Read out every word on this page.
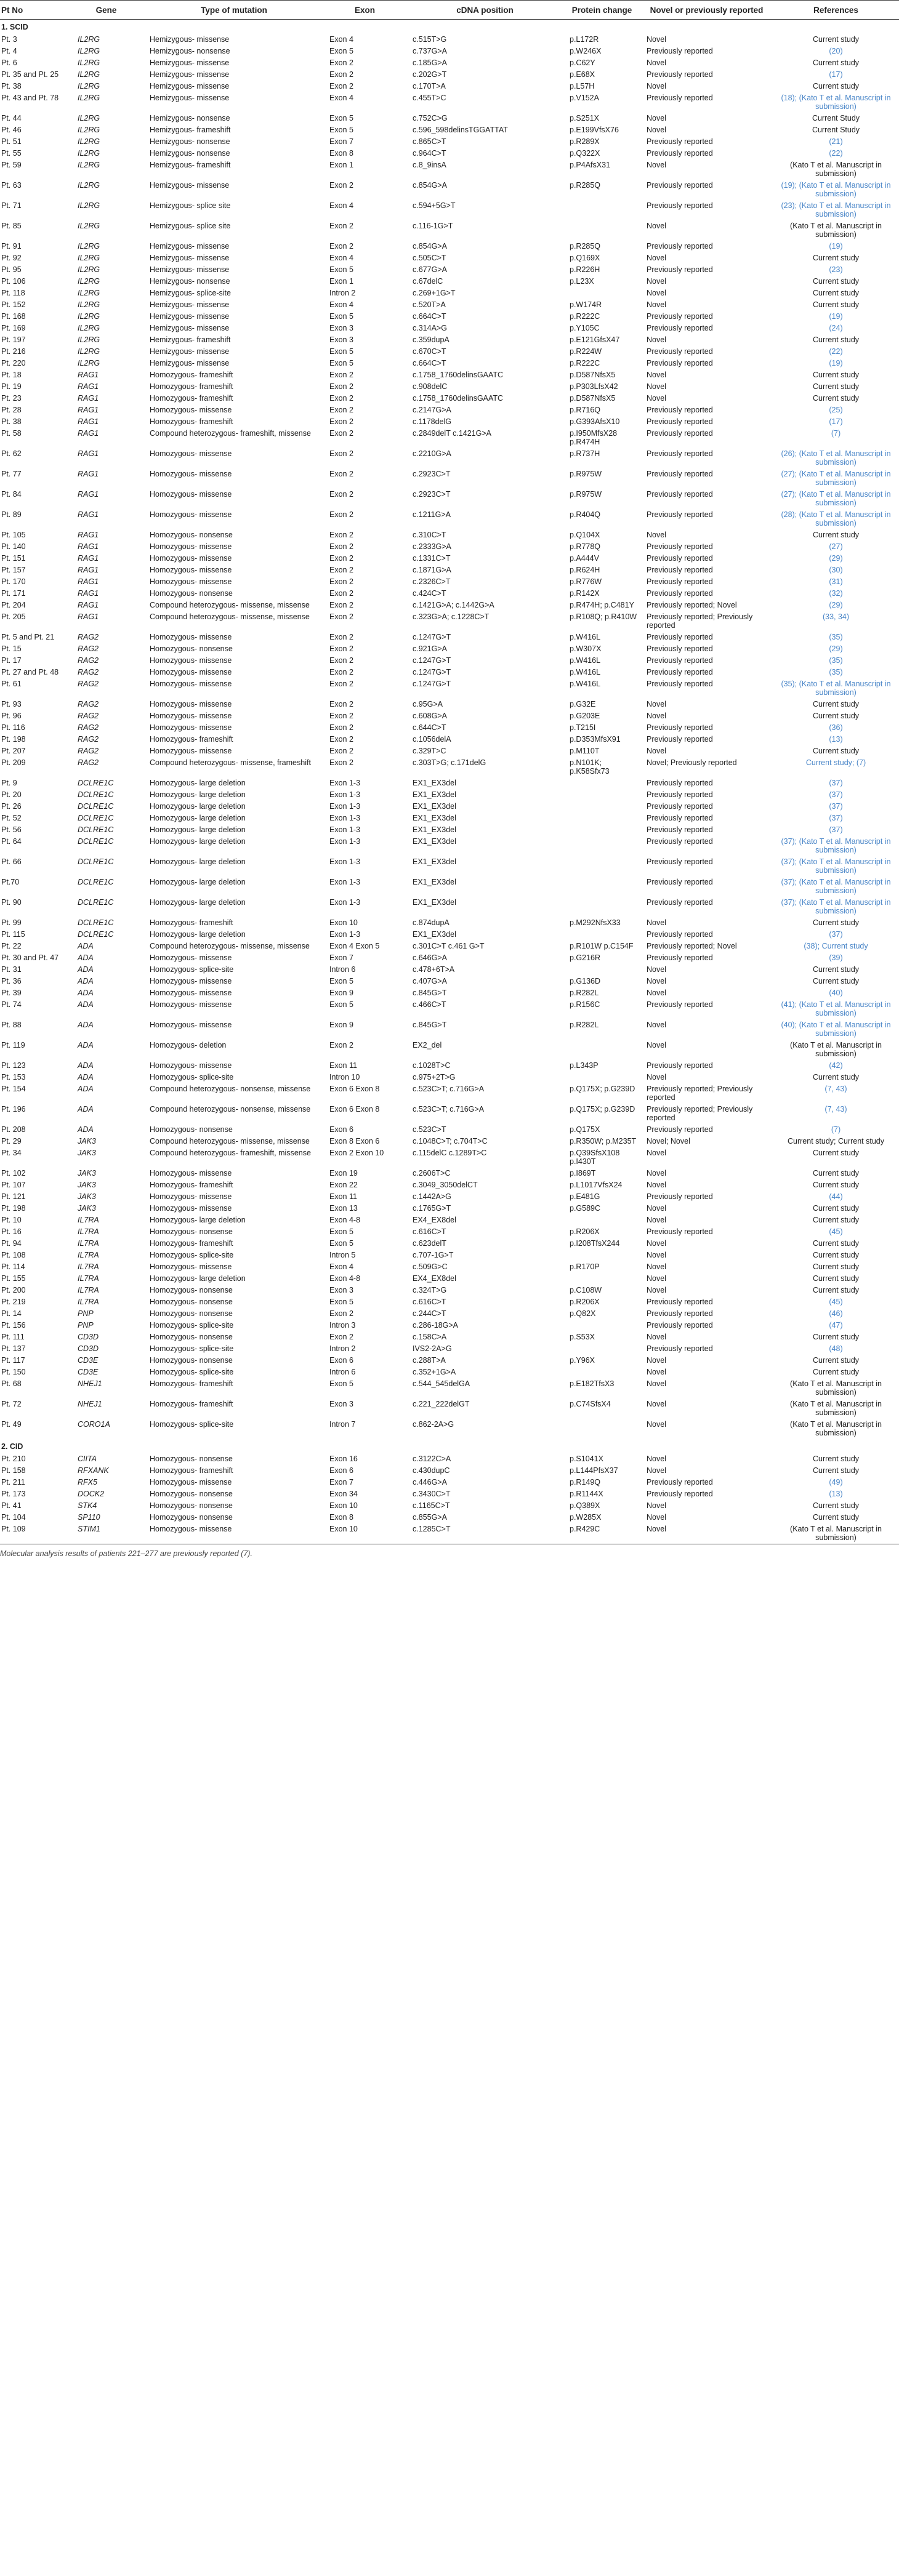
Pt No	Gene	Type of mutation	Exon	cDNA position	Protein change	Novel or previously reported	References
1. SCID							
Pt. 3	IL2RG	Hemizygous- missense	Exon 4	c.515T>G	p.L172R	Novel	Current study
Pt. 4	IL2RG	Hemizygous- nonsense	Exon 5	c.737G>A	p.W246X	Previously reported	(20)
Pt. 6	IL2RG	Hemizygous- missense	Exon 2	c.185G>A	p.C62Y	Novel	Current study
Pt. 35 and Pt. 25	IL2RG	Hemizygous- missense	Exon 2	c.202G>T	p.E68X	Previously reported	(17)
Pt. 38	IL2RG	Hemizygous- missense	Exon 2	c.170T>A	p.L57H	Novel	Current study
Pt. 43 and Pt. 78	IL2RG	Hemizygous- missense	Exon 4	c.455T>C	p.V152A	Previously reported	(18); (Kato T et al. Manuscript in submission)
Pt. 44	IL2RG	Hemizygous- nonsense	Exon 5	c.752C>G	p.S251X	Novel	Current Study
Pt. 46	IL2RG	Hemizygous- frameshift	Exon 5	c.596_598delinsTGGATTAT	p.E199VfsX76	Novel	Current Study
Pt. 51	IL2RG	Hemizygous- nonsense	Exon 7	c.865C>T	p.R289X	Previously reported	(21)
Pt. 55	IL2RG	Hemizygous- nonsense	Exon 8	c.964C>T	p.Q322X	Previously reported	(22)
Pt. 59	IL2RG	Hemizygous- frameshift	Exon 1	c.8_9insA	p.P4AfsX31	Novel	(Kato T et al. Manuscript in submission)
Pt. 63	IL2RG	Hemizygous- missense	Exon 2	c.854G>A	p.R285Q	Previously reported	(19); (Kato T et al. Manuscript in submission)
Pt. 71	IL2RG	Hemizygous- splice site	Exon 4	c.594+5G>T		Previously reported	(23); (Kato T et al. Manuscript in submission)
Pt. 85	IL2RG	Hemizygous- splice site	Exon 2	c.116-1G>T		Novel	(Kato T et al. Manuscript in submission)
Pt. 91	IL2RG	Hemizygous- missense	Exon 2	c.854G>A	p.R285Q	Previously reported	(19)
Pt. 92	IL2RG	Hemizygous- missense	Exon 4	c.505C>T	p.Q169X	Novel	Current study
Pt. 95	IL2RG	Hemizygous- missense	Exon 5	c.677G>A	p.R226H	Previously reported	(23)
Pt. 106	IL2RG	Hemizygous- nonsense	Exon 1	c.67delC	p.L23X	Novel	Current study
Pt. 118	IL2RG	Hemizygous- splice-site	Intron 2	c.269+1G>T		Novel	Current study
Pt. 152	IL2RG	Hemizygous- missense	Exon 4	c.520T>A	p.W174R	Novel	Current study
Pt. 168	IL2RG	Hemizygous- missense	Exon 5	c.664C>T	p.R222C	Previously reported	(19)
Pt. 169	IL2RG	Hemizygous- missense	Exon 3	c.314A>G	p.Y105C	Previously reported	(24)
Pt. 197	IL2RG	Hemizygous- frameshift	Exon 3	c.359dupA	p.E121GfsX47	Novel	Current study
Pt. 216	IL2RG	Hemizygous- missense	Exon 5	c.670C>T	p.R224W	Previously reported	(22)
Pt. 220	IL2RG	Hemizygous- missense	Exon 5	c.664C>T	p.R222C	Previously reported	(19)
Pt. 18	RAG1	Homozygous- frameshift	Exon 2	c.1758_1760delinsGAATC	p.D587NfsX5	Novel	Current study
Pt. 19	RAG1	Homozygous- frameshift	Exon 2	c.908delC	p.P303LfsX42	Novel	Current study
Pt. 23	RAG1	Homozygous- frameshift	Exon 2	c.1758_1760delinsGAATC	p.D587NfsX5	Novel	Current study
Pt. 28	RAG1	Homozygous- missense	Exon 2	c.2147G>A	p.R716Q	Previously reported	(25)
Pt. 38	RAG1	Homozygous- frameshift	Exon 2	c.1178delG	p.G393AfsX10	Previously reported	(17)
Pt. 58	RAG1	Compound heterozygous- frameshift, missense	Exon 2	c.2849delT c.1421G>A	p.I950MfsX28 p.R474H	Previously reported	(7)
Pt. 62	RAG1	Homozygous- missense	Exon 2	c.2210G>A	p.R737H	Previously reported	(26); (Kato T et al. Manuscript in submission)
Pt. 77	RAG1	Homozygous- missense	Exon 2	c.2923C>T	p.R975W	Previously reported	(27); (Kato T et al. Manuscript in submission)
Pt. 84	RAG1	Homozygous- missense	Exon 2	c.2923C>T	p.R975W	Previously reported	(27); (Kato T et al. Manuscript in submission)
Pt. 89	RAG1	Homozygous- missense	Exon 2	c.1211G>A	p.R404Q	Previously reported	(28); (Kato T et al. Manuscript in submission)
Pt. 105	RAG1	Homozygous- nonsense	Exon 2	c.310C>T	p.Q104X	Novel	Current study
Pt. 140	RAG1	Homozygous- missense	Exon 2	c.2333G>A	p.R778Q	Previously reported	(27)
Pt. 151	RAG1	Homozygous- missense	Exon 2	c.1331C>T	p.A444V	Previously reported	(29)
Pt. 157	RAG1	Homozygous- missense	Exon 2	c.1871G>A	p.R624H	Previously reported	(30)
Pt. 170	RAG1	Homozygous- missense	Exon 2	c.2326C>T	p.R776W	Previously reported	(31)
Pt. 171	RAG1	Homozygous- nonsense	Exon 2	c.424C>T	p.R142X	Previously reported	(32)
Pt. 204	RAG1	Compound heterozygous- missense, missense	Exon 2	c.1421G>A; c.1442G>A	p.R474H; p.C481Y	Previously reported; Novel	(29)
Pt. 205	RAG1	Compound heterozygous- missense, missense	Exon 2	c.323G>A; c.1228C>T	p.R108Q; p.R410W	Previously reported; Previously reported	(33, 34)
Pt. 5 and Pt. 21	RAG2	Homozygous- missense	Exon 2	c.1247G>T	p.W416L	Previously reported	(35)
Pt. 15	RAG2	Homozygous- nonsense	Exon 2	c.921G>A	p.W307X	Previously reported	(29)
Pt. 17	RAG2	Homozygous- missense	Exon 2	c.1247G>T	p.W416L	Previously reported	(35)
Pt. 27 and Pt. 48	RAG2	Homozygous- missense	Exon 2	c.1247G>T	p.W416L	Previously reported	(35)
Pt. 61	RAG2	Homozygous- missense	Exon 2	c.1247G>T	p.W416L	Previously reported	(35); (Kato T et al. Manuscript in submission)
Pt. 93	RAG2	Homozygous- missense	Exon 2	c.95G>A	p.G32E	Novel	Current study
Pt. 96	RAG2	Homozygous- missense	Exon 2	c.608G>A	p.G203E	Novel	Current study
Pt. 116	RAG2	Homozygous- missense	Exon 2	c.644C>T	p.T215I	Previously reported	(36)
Pt. 198	RAG2	Homozygous- frameshift	Exon 2	c.1056delA	p.D353MfsX91	Previously reported	(13)
Pt. 207	RAG2	Homozygous- missense	Exon 2	c.329T>C	p.M110T	Novel	Current study
Pt. 209	RAG2	Compound heterozygous- missense, frameshift	Exon 2	c.303T>G; c.171delG	p.N101K; p.K58Sfx73	Novel; Previously reported	Current study; (7)
Pt. 9	DCLRE1C	Homozygous- large deletion	Exon 1-3	EX1_EX3del		Previously reported	(37)
Pt. 20	DCLRE1C	Homozygous- large deletion	Exon 1-3	EX1_EX3del		Previously reported	(37)
Pt. 26	DCLRE1C	Homozygous- large deletion	Exon 1-3	EX1_EX3del		Previously reported	(37)
Pt. 52	DCLRE1C	Homozygous- large deletion	Exon 1-3	EX1_EX3del		Previously reported	(37)
Pt. 56	DCLRE1C	Homozygous- large deletion	Exon 1-3	EX1_EX3del		Previously reported	(37)
Pt. 64	DCLRE1C	Homozygous- large deletion	Exon 1-3	EX1_EX3del		Previously reported	(37); (Kato T et al. Manuscript in submission)
Pt. 66	DCLRE1C	Homozygous- large deletion	Exon 1-3	EX1_EX3del		Previously reported	(37); (Kato T et al. Manuscript in submission)
Pt.70	DCLRE1C	Homozygous- large deletion	Exon 1-3	EX1_EX3del		Previously reported	(37); (Kato T et al. Manuscript in submission)
Pt. 90	DCLRE1C	Homozygous- large deletion	Exon 1-3	EX1_EX3del		Previously reported	(37); (Kato T et al. Manuscript in submission)
Pt. 99	DCLRE1C	Homozygous- frameshift	Exon 10	c.874dupA	p.M292NfsX33	Novel	Current study
Pt. 115	DCLRE1C	Homozygous- large deletion	Exon 1-3	EX1_EX3del		Previously reported	(37)
Pt. 22	ADA	Compound heterozygous- missense, missense	Exon 4 Exon 5	c.301C>T c.461 G>T	p.R101W p.C154F	Previously reported; Novel	(38); Current study
Pt. 30 and Pt. 47	ADA	Homozygous- missense	Exon 7	c.646G>A	p.G216R	Previously reported	(39)
Pt. 31	ADA	Homozygous- splice-site	Intron 6	c.478+6T>A		Novel	Current study
Pt. 36	ADA	Homozygous- missense	Exon 5	c.407G>A	p.G136D	Novel	Current study
Pt. 39	ADA	Homozygous- missense	Exon 9	c.845G>T	p.R282L	Novel	(40)
Pt. 74	ADA	Homozygous- missense	Exon 5	c.466C>T	p.R156C	Previously reported	(41); (Kato T et al. Manuscript in submission)
Pt. 88	ADA	Homozygous- missense	Exon 9	c.845G>T	p.R282L	Novel	(40); (Kato T et al. Manuscript in submission)
Pt. 119	ADA	Homozygous- deletion	Exon 2	EX2_del		Novel	(Kato T et al. Manuscript in submission)
Pt. 123	ADA	Homozygous- missense	Exon 11	c.1028T>C	p.L343P	Previously reported	(42)
Pt. 153	ADA	Homozygous- splice-site	Intron 10	c.975+2T>G		Novel	Current study
Pt. 154	ADA	Compound heterozygous- nonsense, missense	Exon 6 Exon 8	c.523C>T; c.716G>A	p.Q175X; p.G239D	Previously reported; Previously reported	(7, 43)
Pt. 196	ADA	Compound heterozygous- nonsense, missense	Exon 6 Exon 8	c.523C>T; c.716G>A	p.Q175X; p.G239D	Previously reported; Previously reported	(7, 43)
Pt. 208	ADA	Homozygous- nonsense	Exon 6	c.523C>T	p.Q175X	Previously reported	(7)
Pt. 29	JAK3	Compound heterozygous- missense, missense	Exon 8 Exon 6	c.1048C>T; c.704T>C	p.R350W; p.M235T	Novel; Novel	Current study; Current study
Pt. 34	JAK3	Compound heterozygous- frameshift, missense	Exon 2 Exon 10	c.115delC c.1289T>C	p.Q39SfsX108 p.I430T	Novel	Current study
Pt. 102	JAK3	Homozygous- missense	Exon 19	c.2606T>C	p.I869T	Novel	Current study
Pt. 107	JAK3	Homozygous- frameshift	Exon 22	c.3049_3050delCT	p.L1017VfsX24	Novel	Current study
Pt. 121	JAK3	Homozygous- missense	Exon 11	c.1442A>G	p.E481G	Previously reported	(44)
Pt. 198	JAK3	Homozygous- missense	Exon 13	c.1765G>T	p.G589C	Novel	Current study
Pt. 10	IL7RA	Homozygous- large deletion	Exon 4-8	EX4_EX8del		Novel	Current study
Pt. 16	IL7RA	Homozygous- nonsense	Exon 5	c.616C>T	p.R206X	Previously reported	(45)
Pt. 94	IL7RA	Homozygous- frameshift	Exon 5	c.623delT	p.I208TfsX244	Novel	Current study
Pt. 108	IL7RA	Homozygous- splice-site	Intron 5	c.707-1G>T		Novel	Current study
Pt. 114	IL7RA	Homozygous- missense	Exon 4	c.509G>C	p.R170P	Novel	Current study
Pt. 155	IL7RA	Homozygous- large deletion	Exon 4-8	EX4_EX8del		Novel	Current study
Pt. 200	IL7RA	Homozygous- nonsense	Exon 3	c.324T>G	p.C108W	Novel	Current study
Pt. 219	IL7RA	Homozygous- nonsense	Exon 5	c.616C>T	p.R206X	Previously reported	(45)
Pt. 14	PNP	Homozygous- nonsense	Exon 2	c.244C>T	p.Q82X	Previously reported	(46)
Pt. 156	PNP	Homozygous- splice-site	Intron 3	c.286-18G>A		Previously reported	(47)
Pt. 111	CD3D	Homozygous- nonsense	Exon 2	c.158C>A	p.S53X	Novel	Current study
Pt. 137	CD3D	Homozygous- splice-site	Intron 2	IVS2-2A>G		Previously reported	(48)
Pt. 117	CD3E	Homozygous- nonsense	Exon 6	c.288T>A	p.Y96X	Novel	Current study
Pt. 150	CD3E	Homozygous- splice-site	Intron 6	c.352+1G>A		Novel	Current study
Pt. 68	NHEJ1	Homozygous- frameshift	Exon 5	c.544_545delGA	p.E182TfsX3	Novel	(Kato T et al. Manuscript in submission)
Pt. 72	NHEJ1	Homozygous- frameshift	Exon 3	c.221_222delGT	p.C74SfsX4	Novel	(Kato T et al. Manuscript in submission)
Pt. 49	CORO1A	Homozygous- splice-site	Intron 7	c.862-2A>G		Novel	(Kato T et al. Manuscript in submission)
2. CID							
Pt. 210	CIITA	Homozygous- nonsense	Exon 16	c.3122C>A	p.S1041X	Novel	Current study
Pt. 158	RFXANK	Homozygous- frameshift	Exon 6	c.430dupC	p.L144PfsX37	Novel	Current study
Pt. 211	RFX5	Homozygous- missense	Exon 7	c.446G>A	p.R149Q	Previously reported	(49)
Pt. 173	DOCK2	Homozygous- nonsense	Exon 34	c.3430C>T	p.R1144X	Previously reported	(13)
Pt. 41	STK4	Homozygous- nonsense	Exon 10	c.1165C>T	p.Q389X	Novel	Current study
Pt. 104	SP110	Homozygous- nonsense	Exon 8	c.855G>A	p.W285X	Novel	Current study
Pt. 109	STIM1	Homozygous- missense	Exon 10	c.1285C>T	p.R429C	Novel	(Kato T et al. Manuscript in submission)
Molecular analysis results of patients 221–277 are previously reported (7).
